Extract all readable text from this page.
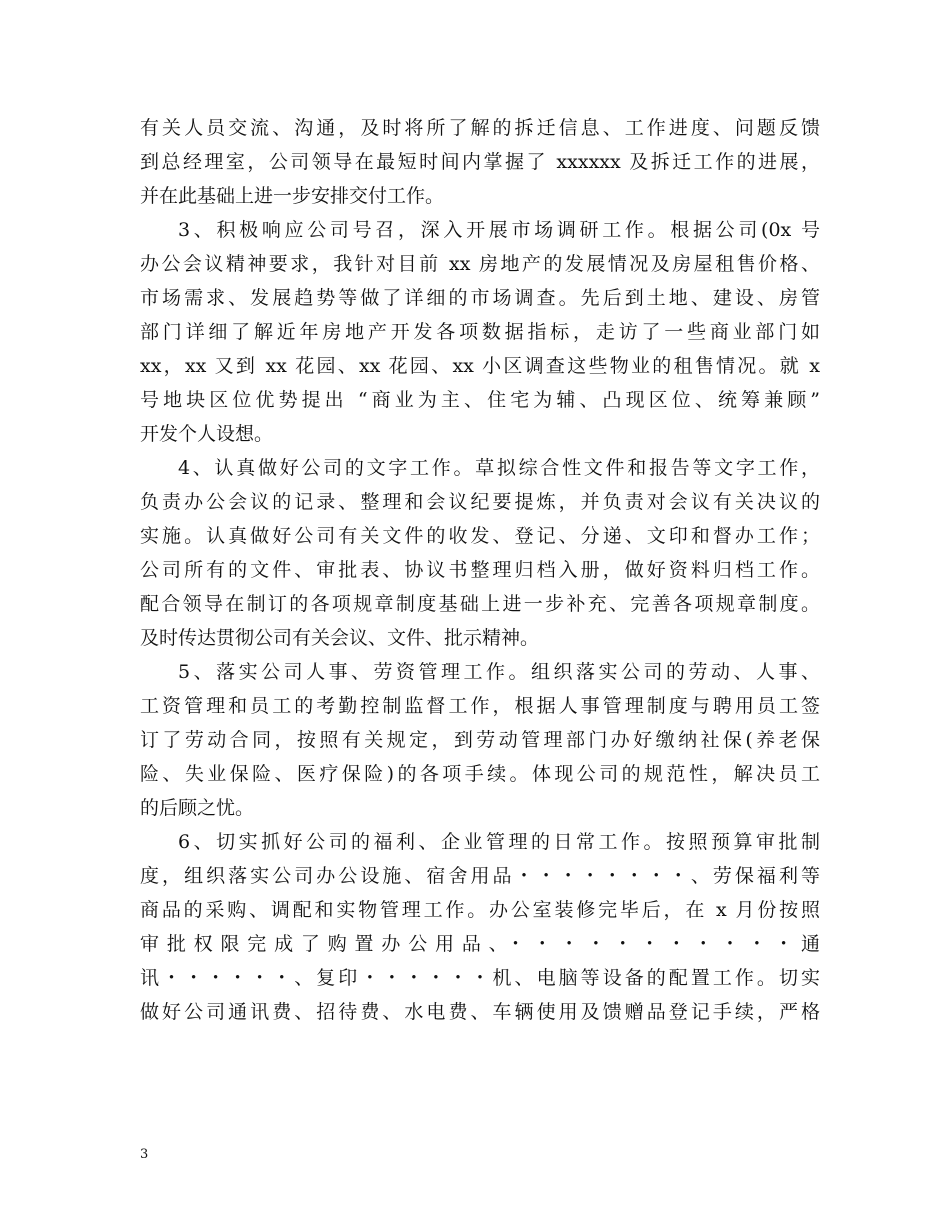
有关人员交流、沟通，及时将所了解的拆迁信息、工作进度、问题反馈
到总经理室，公司领导在最短时间内掌握了 xxxxxx 及拆迁工作的进展，
并在此基础上进一步安排交付工作。
3、积极响应公司号召，深入开展市场调研工作。根据公司(0x 号
办公会议精神要求，我针对目前 xx 房地产的发展情况及房屋租售价格、
市场需求、发展趋势等做了详细的市场调查。先后到土地、建设、房管
部门详细了解近年房地产开发各项数据指标，走访了一些商业部门如
xx，xx 又到 xx 花园、xx 花园、xx 小区调查这些物业的租售情况。就 x
号地块区位优势提出 “商业为主、住宅为辅、凸现区位、统筹兼顾”
开发个人设想。
4、认真做好公司的文字工作。草拟综合性文件和报告等文字工作，
负责办公会议的记录、整理和会议纪要提炼，并负责对会议有关决议的
实施。认真做好公司有关文件的收发、登记、分递、文印和督办工作；
公司所有的文件、审批表、协议书整理归档入册，做好资料归档工作。
配合领导在制订的各项规章制度基础上进一步补充、完善各项规章制度。
及时传达贯彻公司有关会议、文件、批示精神。
5、落实公司人事、劳资管理工作。组织落实公司的劳动、人事、
工资管理和员工的考勤控制监督工作，根据人事管理制度与聘用员工签
订了劳动合同，按照有关规定，到劳动管理部门办好缴纳社保(养老保
险、失业保险、医疗保险)的各项手续。体现公司的规范性，解决员工
的后顾之忧。
6、切实抓好公司的福利、企业管理的日常工作。按照预算审批制
度，组织落实公司办公设施、宿舍用品・・・・・・・・、劳保福利等
商品的采购、调配和实物管理工作。办公室装修完毕后，在 x 月份按照
审批权限完成了购置办公用品、・・・・・・・・・・・通
讯・・・・・・、复印・・・・・・机、电脑等设备的配置工作。切实
做好公司通讯费、招待费、水电费、车辆使用及馈赠品登记手续，严格
3
